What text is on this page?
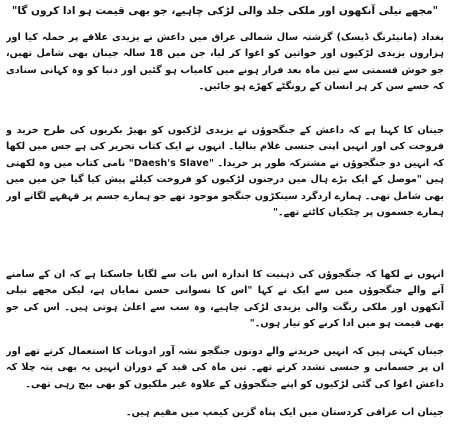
"مجھے نیلی آنکھوں اور ملکی جلد والی لڑکی چاہیے، جو بھی قیمت ہو ادا کروں گا"

بغداد (مانیٹرنگ ڈیسک) گزشتہ سال شمالی عراق میں داعش نے یزیدی علاقے پر حملہ کیا اور ہزاروں یزیدی لڑکیوں اور خواتین کو اغوا کر لیا، جن میں 18 سالہ جینان بھی شامل تھیں، جو خوش قسمتی سے تین ماہ بعد فرار ہونے میں کامیاب ہو گئیں اور دنیا کو وہ کہانی سنادی کہ جسے سن کر ہر انسان کے رونگٹے کھڑے ہو جائیں۔

جینان کا کہنا ہے کہ داعش کے جنگجوؤں نے یزیدی لڑکیوں کو بھیڑ بکریوں کی طرح خرید و فروخت کی اور انہیں اپنی جنسی غلام بنالیا۔ انہوں نے ایک کتاب تحریر کی ہے جس میں لکھا کہ انہیں دو جنگجوؤں نے مشترکہ طور پر خریدا۔ "Daesh's Slave" نامی کتاب میں وہ لکھتی ہیں "موصل کے ایک بڑے ہال میں درجنوں لڑکیوں کو فروخت کیلئے پیش کیا گیا جن میں میں بھی شامل تھی۔ ہمارے اردگرد سینکڑوں جنگجو موجود تھے جو ہمارے جسم پر قہقہے لگاتے اور ہمارے جسموں پر چٹکیاں کاٹتے تھے۔"

انہوں نے لکھا کہ جنگجوؤں کی ذہنیت کا اندازہ اس بات سے لگایا جاسکتا ہے کہ ان کے سامنے آنے والے جنگجوؤں میں سے ایک نے کہا "اس کا نسوانی حسن نمایاں ہے، لیکن مجھے نیلی آنکھوں اور ملکی رنگت والی یزیدی لڑکی چاہیے، وہ سب سے اعلیٰ ہوتی ہیں۔ اس کی جو بھی قیمت ہو میں ادا کرنے کو تیار ہوں۔"

جینان کہتی ہیں کہ انہیں خریدنے والے دونوں جنگجو نشہ آور ادویات کا استعمال کرتے تھے اور ان پر جسمانی و جنسی تشدد کرتے تھے۔ تین ماہ کی قید کے دوران انہیں یہ بھی پتہ چلا کہ داعش اغوا کی گئی لڑکیوں کو اپنے جنگجوؤں کے علاوہ غیر ملکیوں کو بھی بیچ رہی تھی۔

جینان اب عراقی کردستان میں ایک پناہ گزین کیمپ میں مقیم ہیں۔
